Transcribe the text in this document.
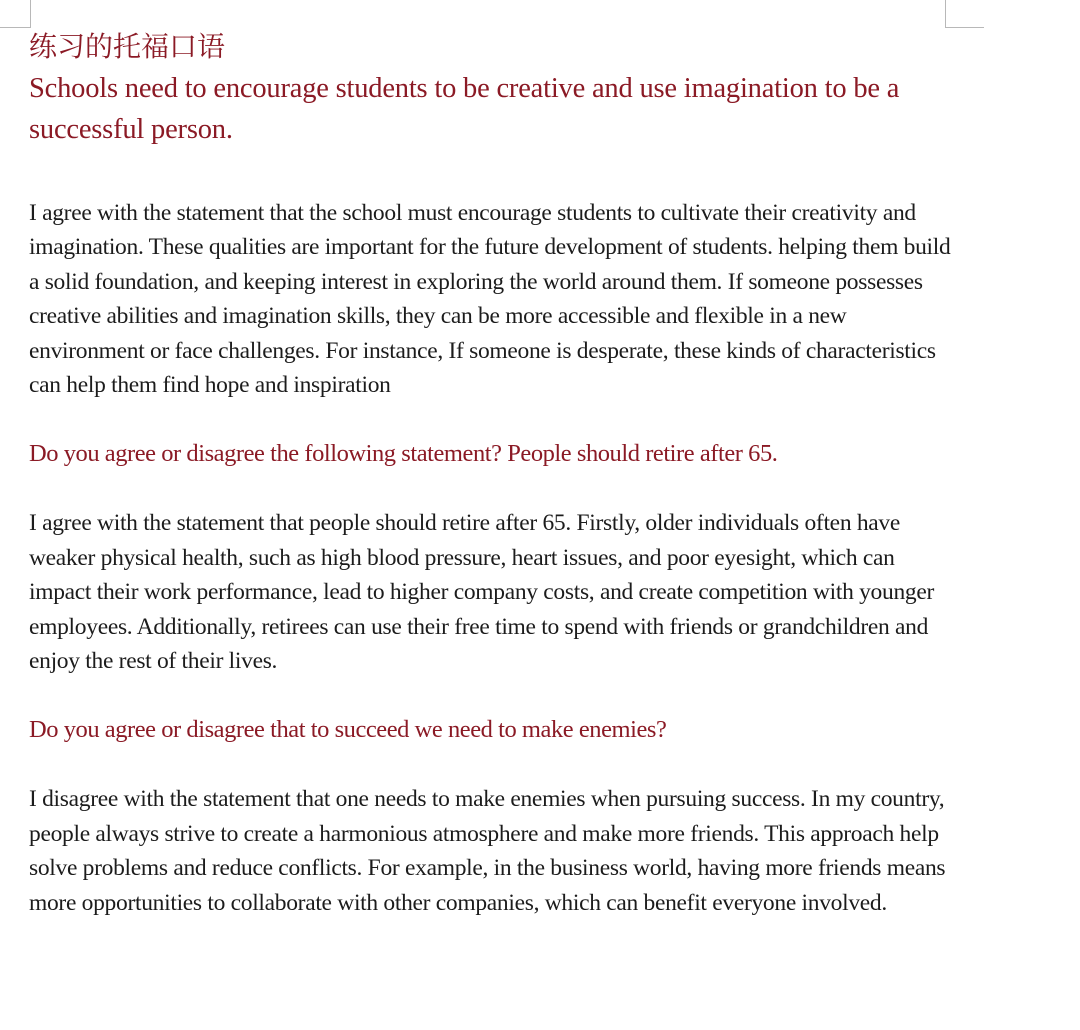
练习的托福口语
Schools need to encourage students to be creative and use imagination to be a successful person.

I agree with the statement that the school must encourage students to cultivate their creativity and imagination. These qualities are important for the future development of students. helping them build a solid foundation, and keeping interest in exploring the world around them. If someone possesses creative abilities and imagination skills, they can be more accessible and flexible in a new environment or face challenges. For instance, If someone is desperate, these kinds of characteristics can help them find hope and inspiration

Do you agree or disagree the following statement? People should retire after 65.

I agree with the statement that people should retire after 65. Firstly, older individuals often have weaker physical health, such as high blood pressure, heart issues, and poor eyesight, which can impact their work performance, lead to higher company costs, and create competition with younger employees. Additionally, retirees can use their free time to spend with friends or grandchildren and enjoy the rest of their lives.

Do you agree or disagree that to succeed we need to make enemies?

I disagree with the statement that one needs to make enemies when pursuing success. In my country, people always strive to create a harmonious atmosphere and make more friends. This approach help solve problems and reduce conflicts. For example, in the business world, having more friends means more opportunities to collaborate with other companies, which can benefit everyone involved.
